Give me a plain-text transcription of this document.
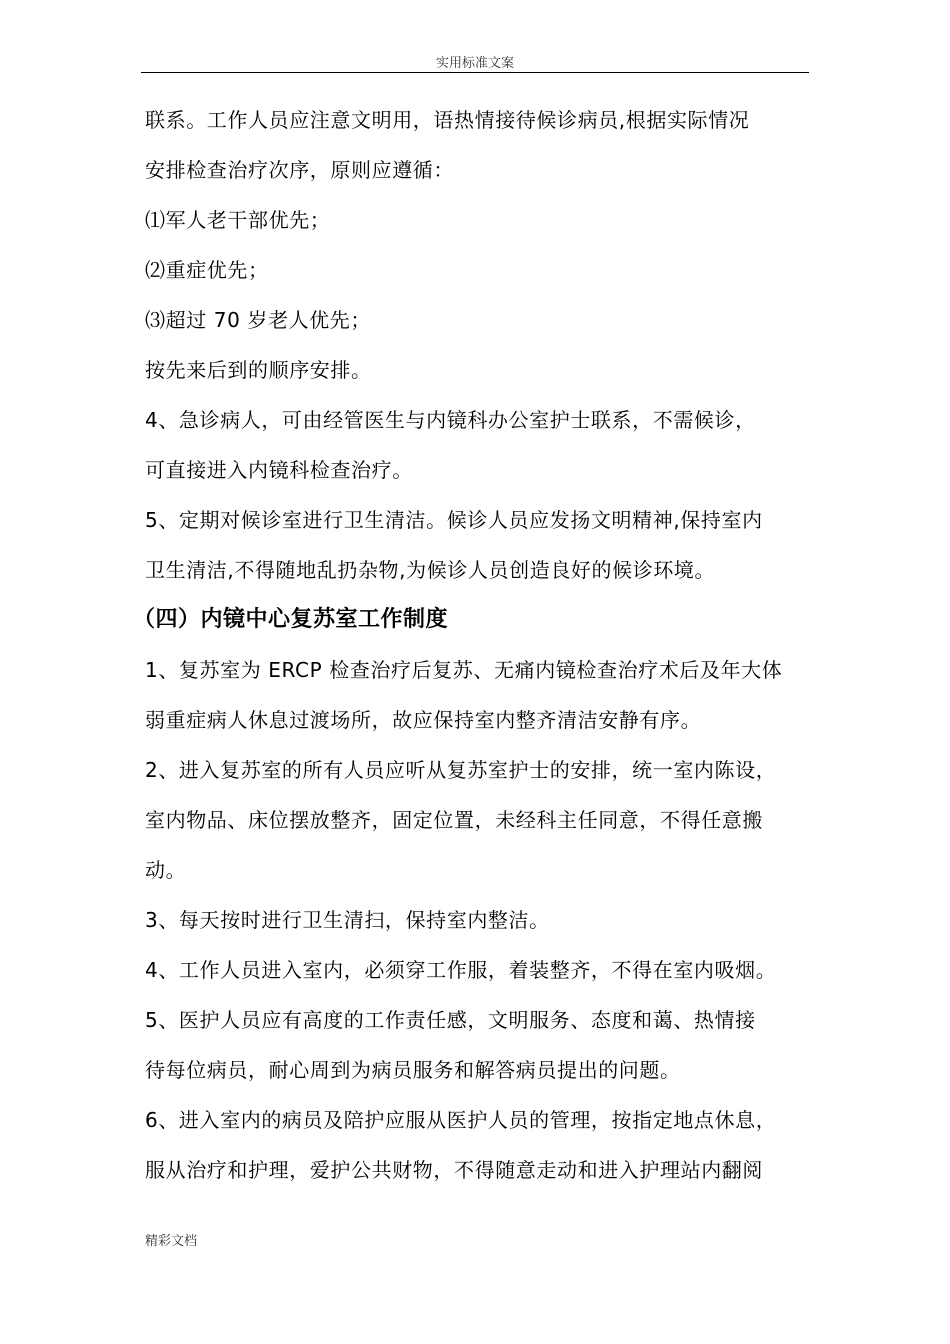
实用标准文案
联系。工作人员应注意文明用，语热情接待候诊病员,根据实际情况
安排检查治疗次序，原则应遵循：
⑴军人老干部优先；
⑵重症优先；
⑶超过 70 岁老人优先；
按先来后到的顺序安排。
4、急诊病人，可由经管医生与内镜科办公室护士联系，不需候诊，
可直接进入内镜科检查治疗。
5、定期对候诊室进行卫生清洁。候诊人员应发扬文明精神,保持室内
卫生清洁,不得随地乱扔杂物,为候诊人员创造良好的候诊环境。
（四）内镜中心复苏室工作制度
1、复苏室为 ERCP 检查治疗后复苏、无痛内镜检查治疗术后及年大体
弱重症病人休息过渡场所，故应保持室内整齐清洁安静有序。
2、进入复苏室的所有人员应听从复苏室护士的安排，统一室内陈设，
室内物品、床位摆放整齐，固定位置，未经科主任同意，不得任意搬
动。
3、每天按时进行卫生清扫，保持室内整洁。
4、工作人员进入室内，必须穿工作服，着装整齐，不得在室内吸烟。
5、医护人员应有高度的工作责任感，文明服务、态度和蔼、热情接
待每位病员，耐心周到为病员服务和解答病员提出的问题。
6、进入室内的病员及陪护应服从医护人员的管理，按指定地点休息，
服从治疗和护理，爱护公共财物，不得随意走动和进入护理站内翻阅
精彩文档
